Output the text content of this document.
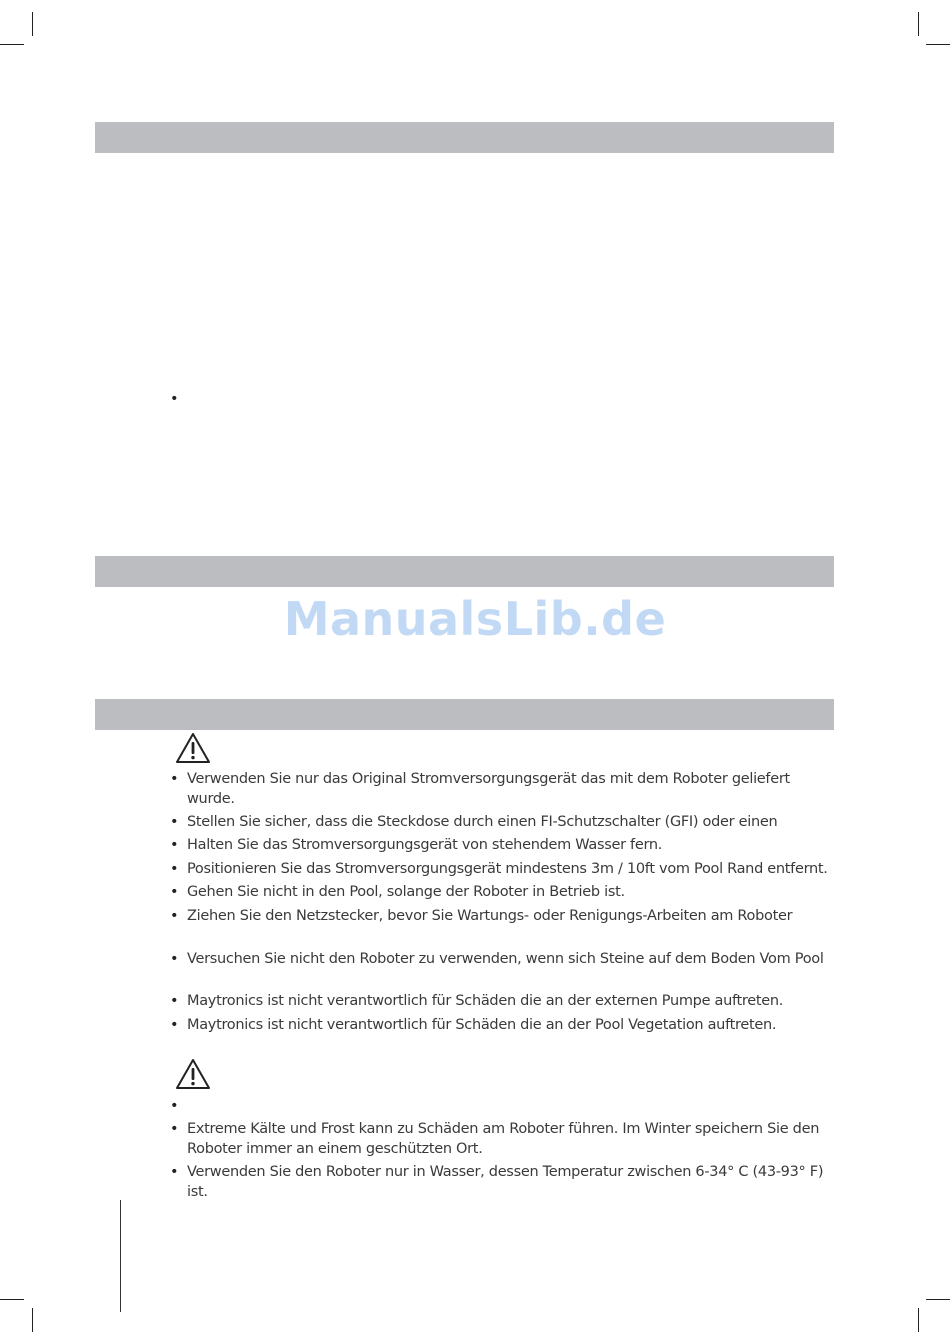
•
ManualsLib.de
• Verwenden Sie nur das Original Stromversorgungsgerät das mit dem Roboter geliefert wurde.
• Stellen Sie sicher, dass die Steckdose durch einen FI-Schutzschalter (GFI) oder einen
• Halten Sie das Stromversorgungsgerät von stehendem Wasser fern.
• Positionieren Sie das Stromversorgungsgerät mindestens 3m / 10ft vom Pool Rand entfernt.
• Gehen Sie nicht in den Pool, solange der Roboter in Betrieb ist.
• Ziehen Sie den Netzstecker, bevor Sie Wartungs- oder Renigungs-Arbeiten am Roboter
• Versuchen Sie nicht den Roboter zu verwenden, wenn sich Steine auf dem Boden Vom Pool
• Maytronics ist nicht verantwortlich für Schäden die an der externen Pumpe auftreten.
• Maytronics ist nicht verantwortlich für Schäden die an der Pool Vegetation auftreten.
•
• Extreme Kälte und Frost kann zu Schäden am Roboter führen. Im Winter speichern Sie den Roboter immer an einem geschützten Ort.
• Verwenden Sie den Roboter nur in Wasser, dessen Temperatur zwischen 6-34° C (43-93° F) ist.
